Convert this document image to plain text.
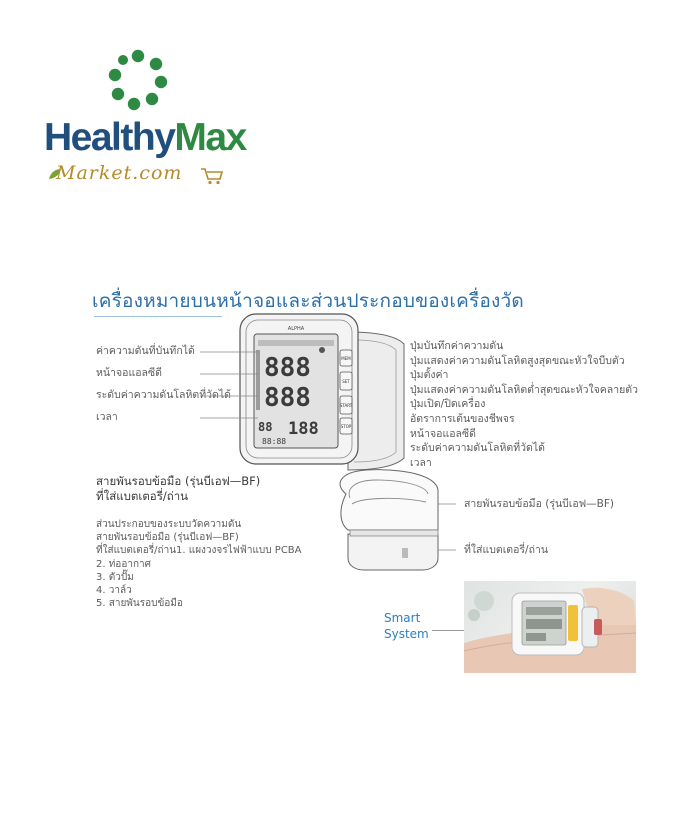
HealthyMax
Market.com
เครื่องหมายบนหน้าจอและส่วนประกอบของเครื่องวัด
ค่าความดันที่บันทึกได้
หน้าจอแอลซีดี
ระดับค่าความดันโลหิตที่วัดได้
เวลา
ALPHA
888
888
88 188
88:88
MEM
SET
START
STOP
ปุ่มบันทึกค่าความดัน
ปุ่มแสดงค่าความดันโลหิตสูงสุดขณะหัวใจบีบตัว
ปุ่มตั้งค่า
ปุ่มแสดงค่าความดันโลหิตต่ำสุดขณะหัวใจคลายตัว
ปุ่มเปิด/ปิดเครื่อง
อัตราการเต้นของชีพจร
หน้าจอแอลซีดี
ระดับค่าความดันโลหิตที่วัดได้
เวลา
สายพันรอบข้อมือ (รุ่นบีเอฟ—BF)
ที่ใส่แบตเตอรี่/ถ่าน
ส่วนประกอบของระบบวัดความดัน
สายพันรอบข้อมือ (รุ่นบีเอฟ—BF)
ที่ใส่แบตเตอรี่/ถ่าน1. แผงวงจรไฟฟ้าแบบ PCBA
2. ท่ออากาศ
3. ตัวปั๊ม
4. วาล์ว
5. สายพันรอบข้อมือ
สายพันรอบข้อมือ (รุ่นบีเอฟ—BF)
ที่ใส่แบตเตอรี่/ถ่าน
Smart
System
